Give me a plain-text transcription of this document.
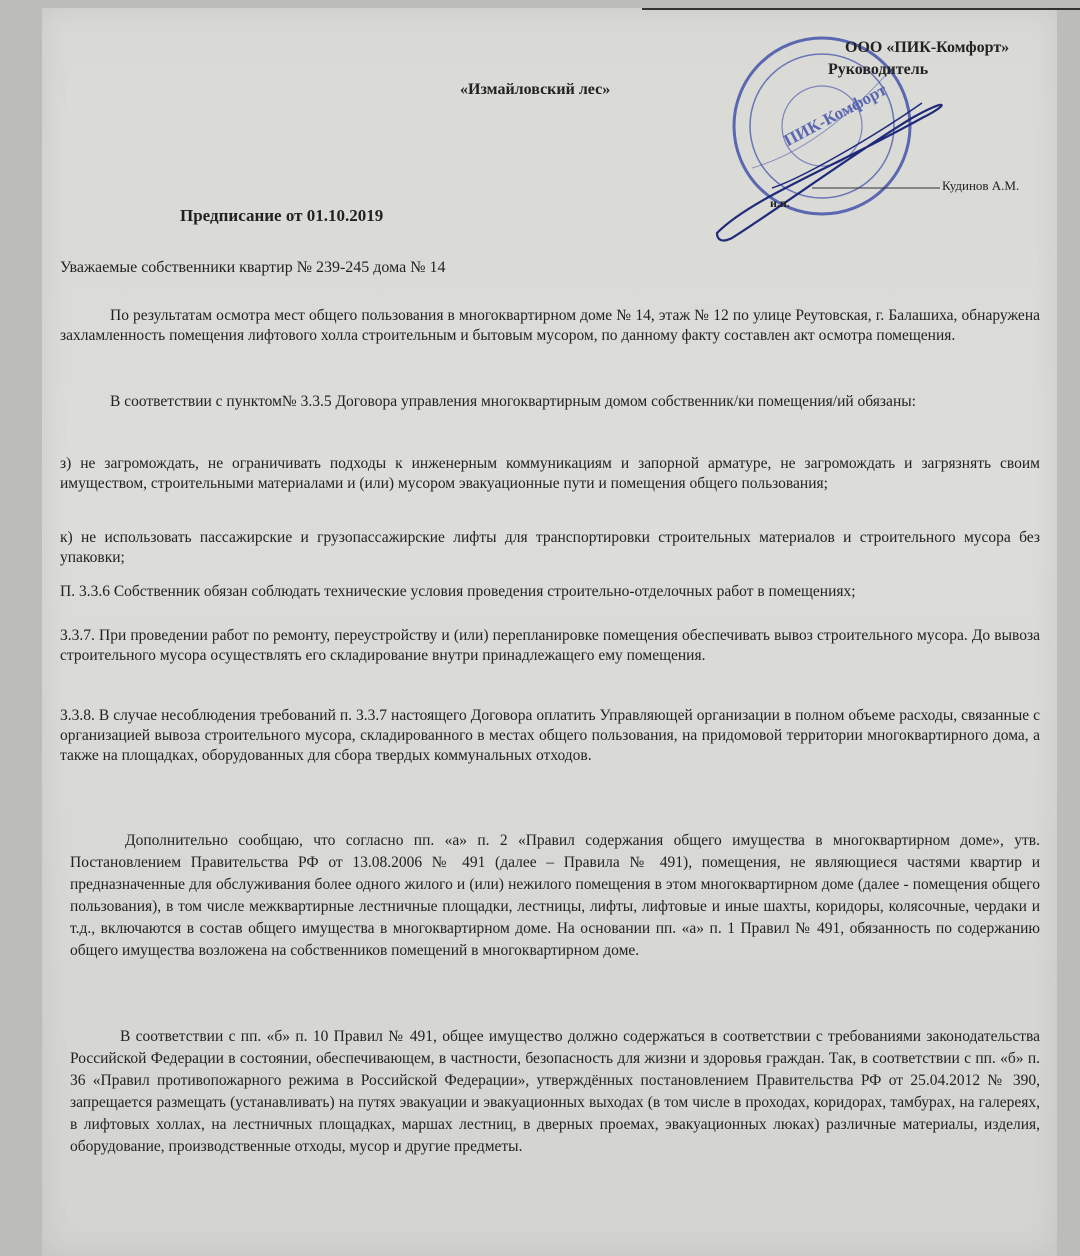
ПИК-Комфорт
ООО «ПИК-Комфорт»
Руководитель
Кудинов А.М.
и.п.
«Измайловский лес»
Предписание от 01.10.2019
Уважаемые собственники квартир № 239-245 дома № 14
По результатам осмотра мест общего пользования в многоквартирном доме № 14, этаж № 12 по улице Реутовская, г. Балашиха, обнаружена захламленность помещения лифтового холла строительным и бытовым мусором, по данному факту составлен акт осмотра помещения.
В соответствии с пунктом№ 3.3.5 Договора управления многоквартирным домом собственник/ки помещения/ий обязаны:
з) не загромождать, не ограничивать подходы к инженерным коммуникациям и запорной арматуре, не загромождать и загрязнять своим имуществом, строительными материалами и (или) мусором эвакуационные пути и помещения общего пользования;
к) не использовать пассажирские и грузопассажирские лифты для транспортировки строительных материалов и строительного мусора без упаковки;
П. 3.3.6 Собственник обязан соблюдать технические условия проведения строительно-отделочных работ в помещениях;
3.3.7. При проведении работ по ремонту, переустройству и (или) перепланировке помещения обеспечивать вывоз строительного мусора. До вывоза строительного мусора осуществлять его складирование внутри принадлежащего ему помещения.
3.3.8. В случае несоблюдения требований п. 3.3.7 настоящего Договора оплатить Управляющей организации в полном объеме расходы, связанные с организацией вывоза строительного мусора, складированного в местах общего пользования, на придомовой территории многоквартирного дома, а также на площадках, оборудованных для сбора твердых коммунальных отходов.
Дополнительно сообщаю, что согласно пп. «а» п. 2 «Правил содержания общего имущества в многоквартирном доме», утв. Постановлением Правительства РФ от 13.08.2006 № 491 (далее – Правила № 491), помещения, не являющиеся частями квартир и предназначенные для обслуживания более одного жилого и (или) нежилого помещения в этом многоквартирном доме (далее - помещения общего пользования), в том числе межквартирные лестничные площадки, лестницы, лифты, лифтовые и иные шахты, коридоры, колясочные, чердаки и т.д., включаются в состав общего имущества в многоквартирном доме. На основании пп. «а» п. 1 Правил № 491, обязанность по содержанию общего имущества возложена на собственников помещений в многоквартирном доме.
В соответствии с пп. «б» п. 10 Правил № 491, общее имущество должно содержаться в соответствии с требованиями законодательства Российской Федерации в состоянии, обеспечивающем, в частности, безопасность для жизни и здоровья граждан. Так, в соответствии с пп. «б» п. 36 «Правил противопожарного режима в Российской Федерации», утверждённых постановлением Правительства РФ от 25.04.2012 № 390, запрещается размещать (устанавливать) на путях эвакуации и эвакуационных выходах (в том числе в проходах, коридорах, тамбурах, на галереях, в лифтовых холлах, на лестничных площадках, маршах лестниц, в дверных проемах, эвакуационных люках) различные материалы, изделия, оборудование, производственные отходы, мусор и другие предметы.
